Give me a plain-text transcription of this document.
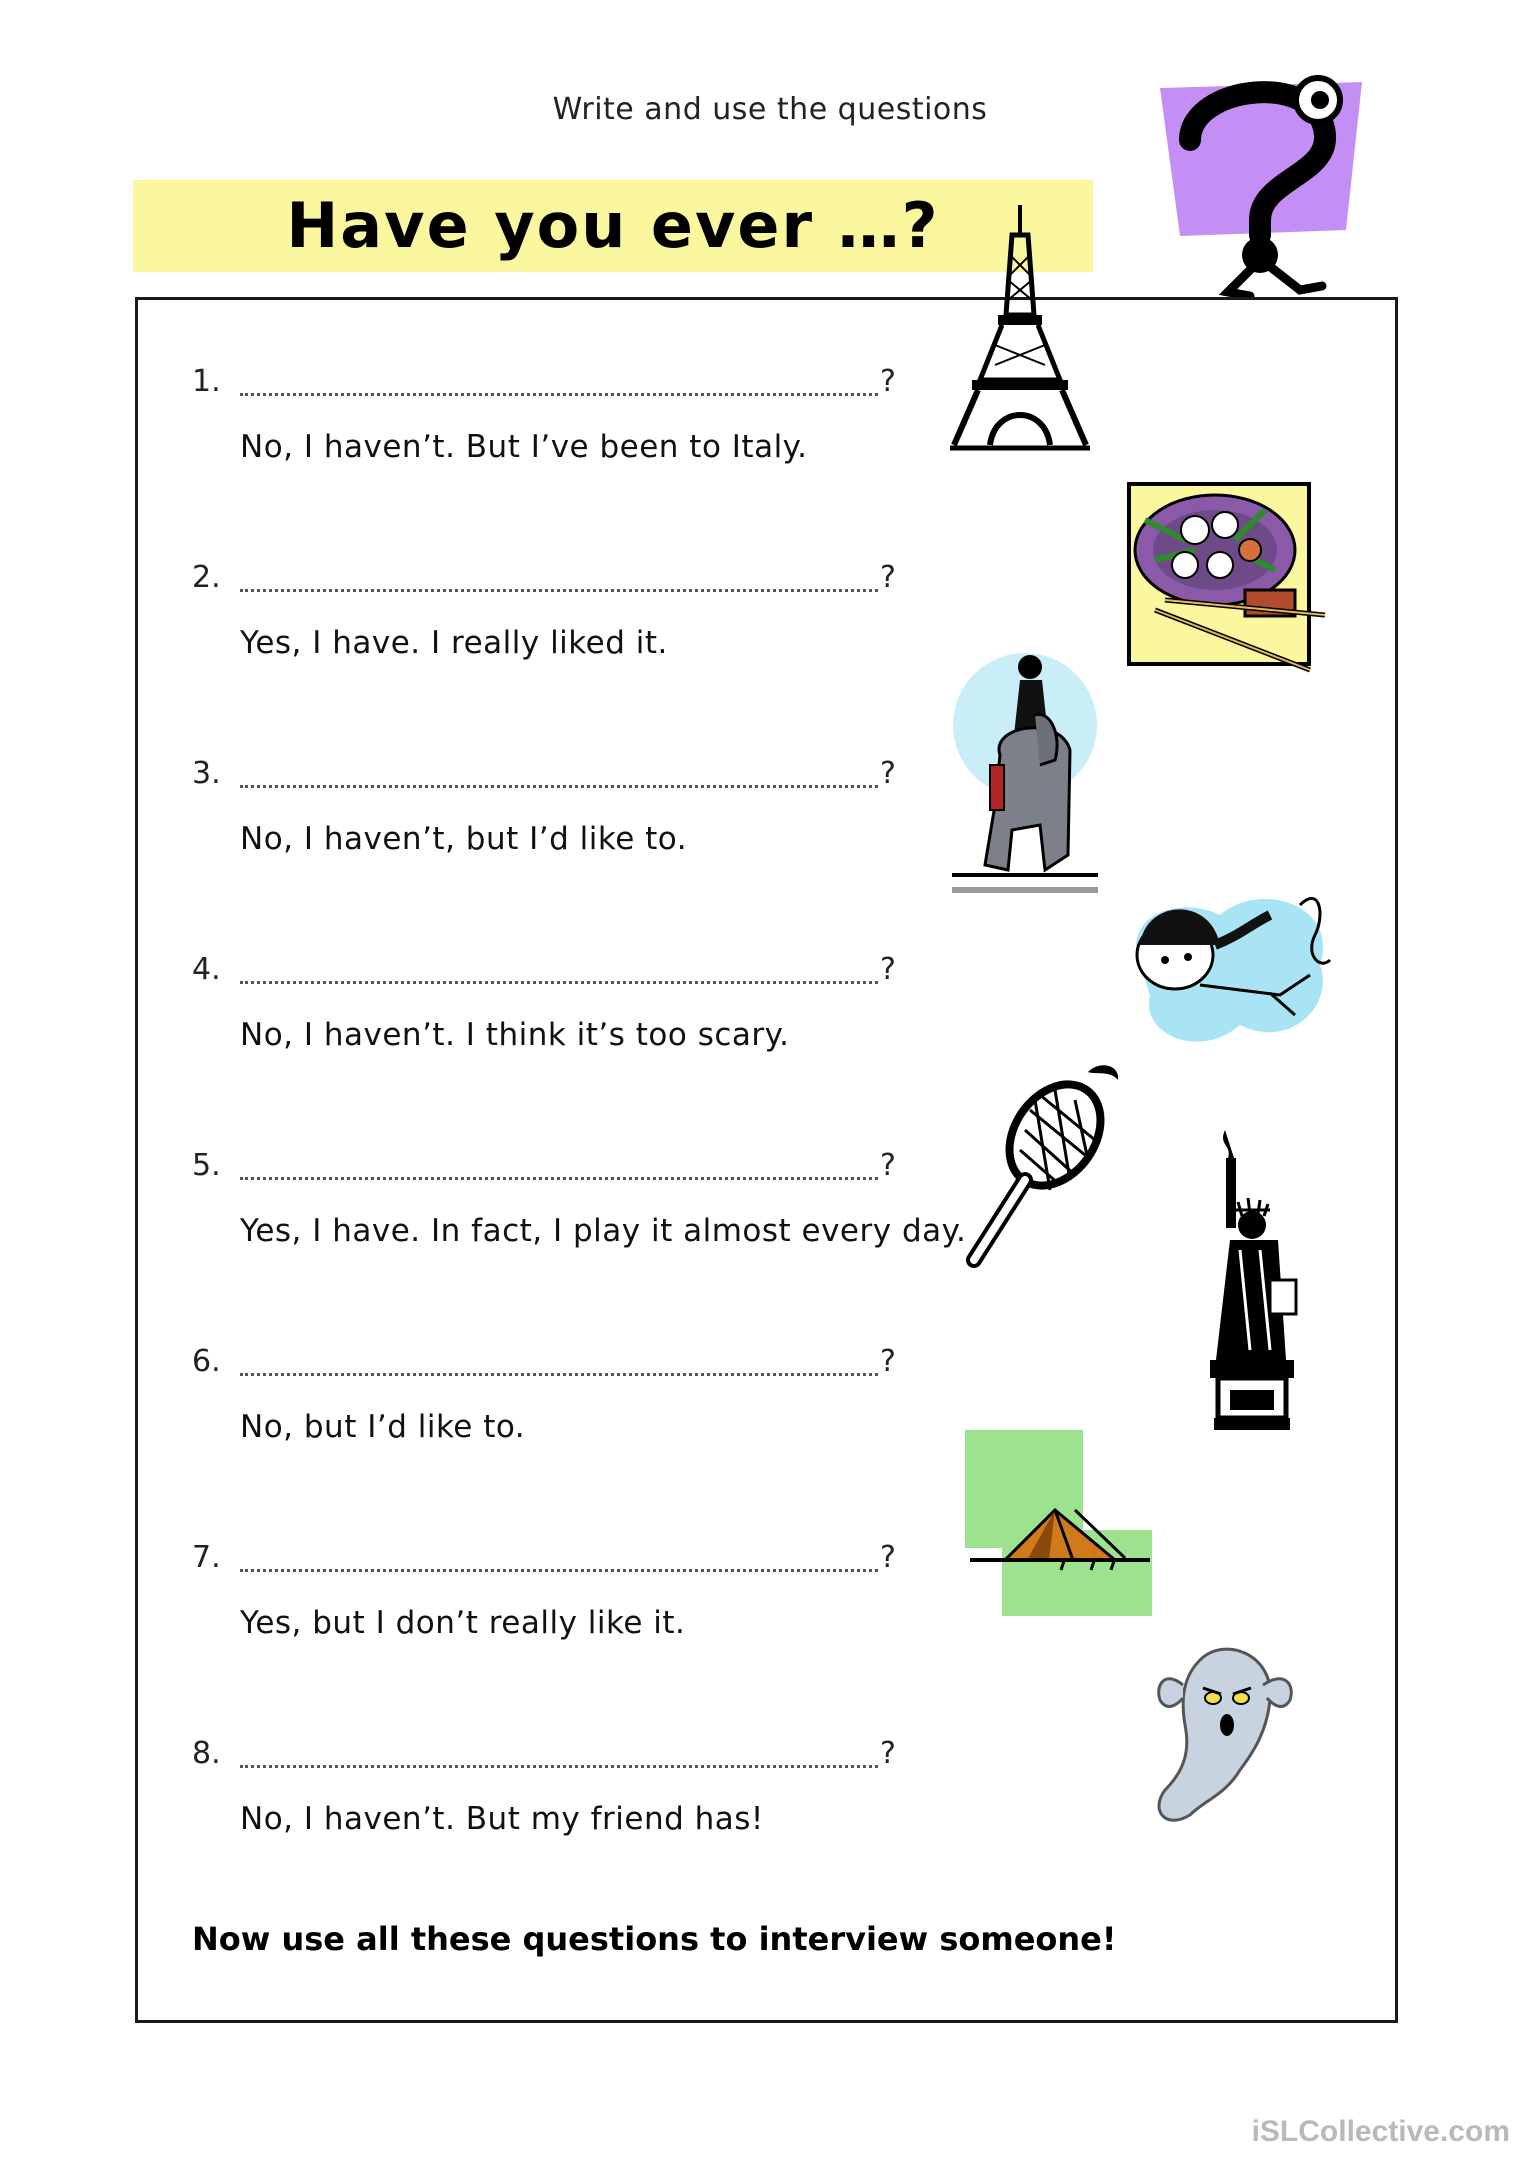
Write and use the questions
Have you ever …?
1.	?
No, I haven’t. But I’ve been to Italy.
2.	?
Yes, I have. I really liked it.
3.	?
No, I haven’t, but I’d like to.
4.	?
No, I haven’t. I think it’s too scary.
5.	?
Yes, I have. In fact, I play it almost every day.
6.	?
No, but I’d like to.
7.	?
Yes, but I don’t really like it.
8.	?
No, I haven’t. But my friend has!
Now use all these questions to interview someone!
iSLCollective.com
